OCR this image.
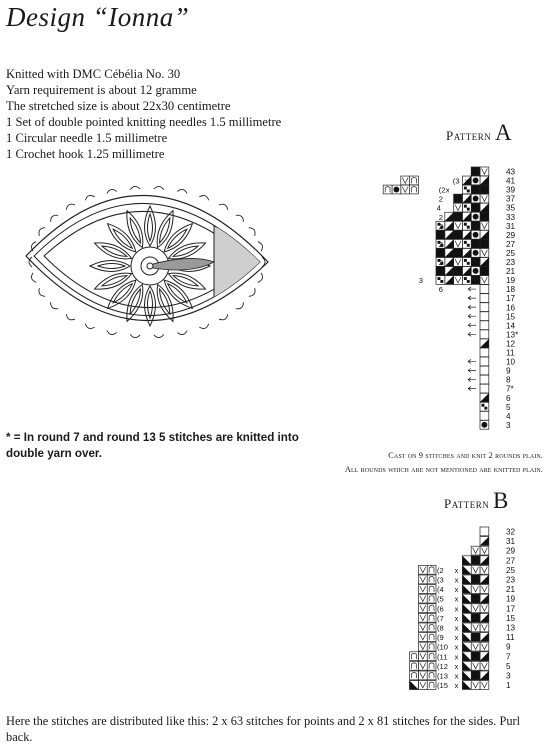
Design “Ionna”
Knitted with DMC Cébélia No. 30
Yarn requirement is about 12 gramme
The stretched size is about 22x30 centimetre
1 Set of double pointed knitting needles 1.5 millimetre
1 Circular needle 1.5 millimetre
1 Crochet hook 1.25 millimetre
* = In round 7 and round 13 5 stitches are knitted into double yarn over.
Pattern A
43
41
39
37
35
33
31
29
27
25
23
21
19
18
17
16
15
14
13*
12
11
10
9
8
7*
6
5
4
3
(3 x
(2 x
2
4
2
2
2
2
2
2
2
3
6
Cast on 9 stitches and knit 2 rounds plain.
All rounds which are not mentioned are knitted plain.
Pattern B
32
31
29
27
25
23
21
19
17
15
13
11
9
7
5
3
1
(2 x
(3 x
(4 x
(5 x
(6 x
(7 x
(8 x
(9 x
(10 x
(11 x
(12 x
(13 x
(15 x
Here the stitches are distributed like this: 2 x 63 stitches for points and 2 x 81 stitches for the sides. Purl back.
